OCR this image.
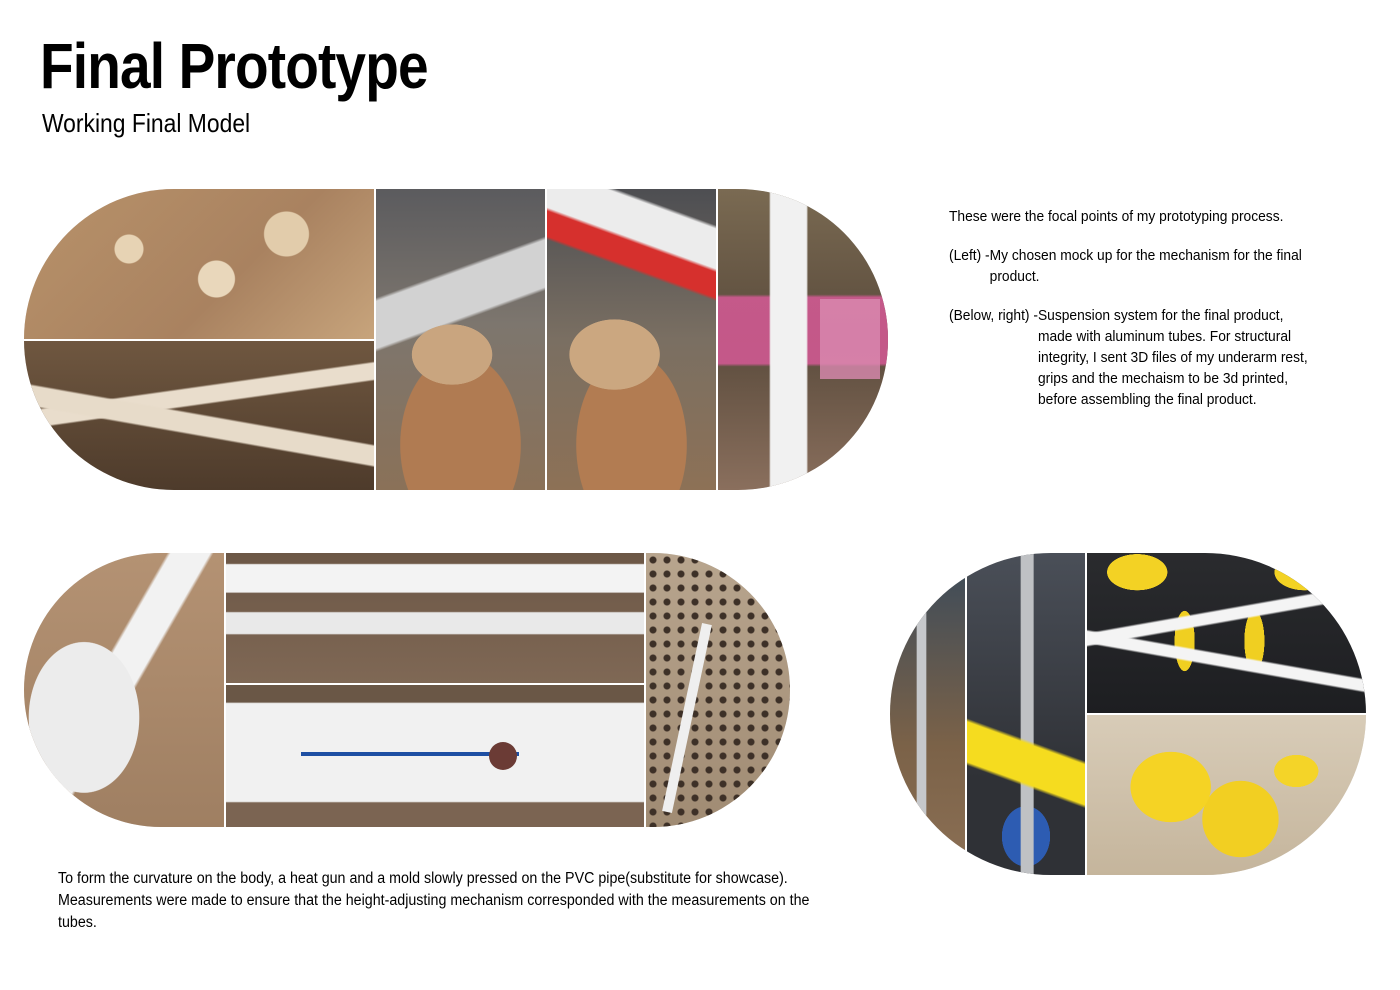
Final Prototype
Working Final Model

These were the focal points of my prototyping process.

(Left) - My chosen mock up for the mechanism for the final product.
(Below, right) - Suspension system for the final product, made with aluminum tubes. For structural integrity, I sent 3D files of my underarm rest, grips and the mechaism to be 3d printed, before assembling the final product.
To form the curvature on the body, a heat gun and a mold slowly pressed on the PVC pipe(substitute for showcase). Measurements were made to ensure that the height-adjusting mechanism corresponded with the measurements on the tubes.
